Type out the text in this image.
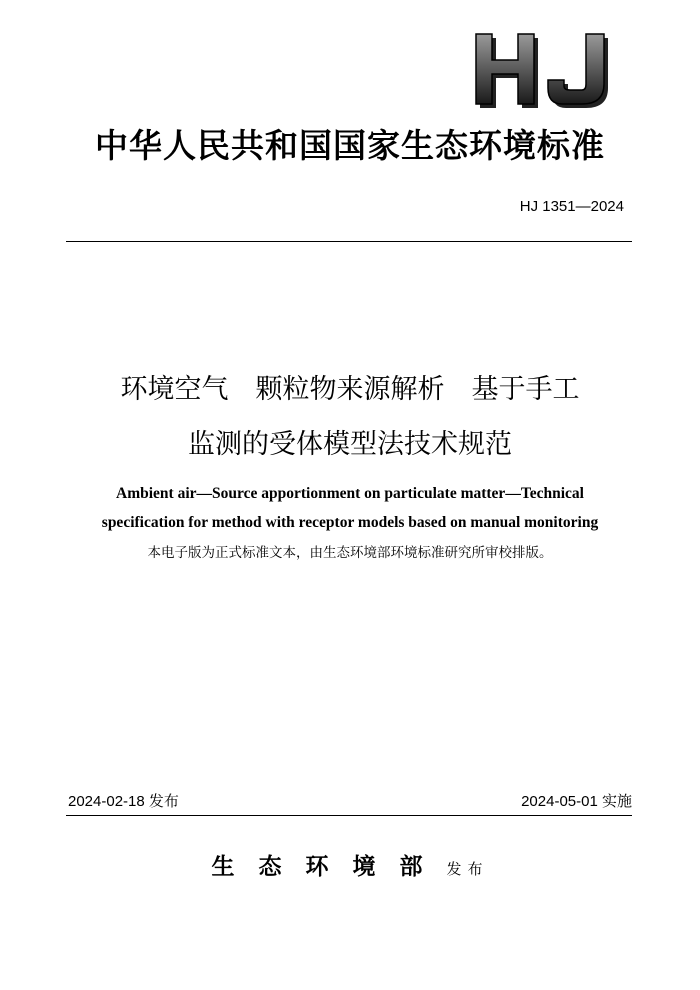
中华人民共和国国家生态环境标准
HJ 1351—2024
环境空气　颗粒物来源解析　基于手工
监测的受体模型法技术规范
Ambient air—Source apportionment on particulate matter—Technical
specification for method with receptor models based on manual monitoring
本电子版为正式标准文本，由生态环境部环境标准研究所审校排版。
2024-02-18 发布	2024-05-01 实施
生态环境部发布
